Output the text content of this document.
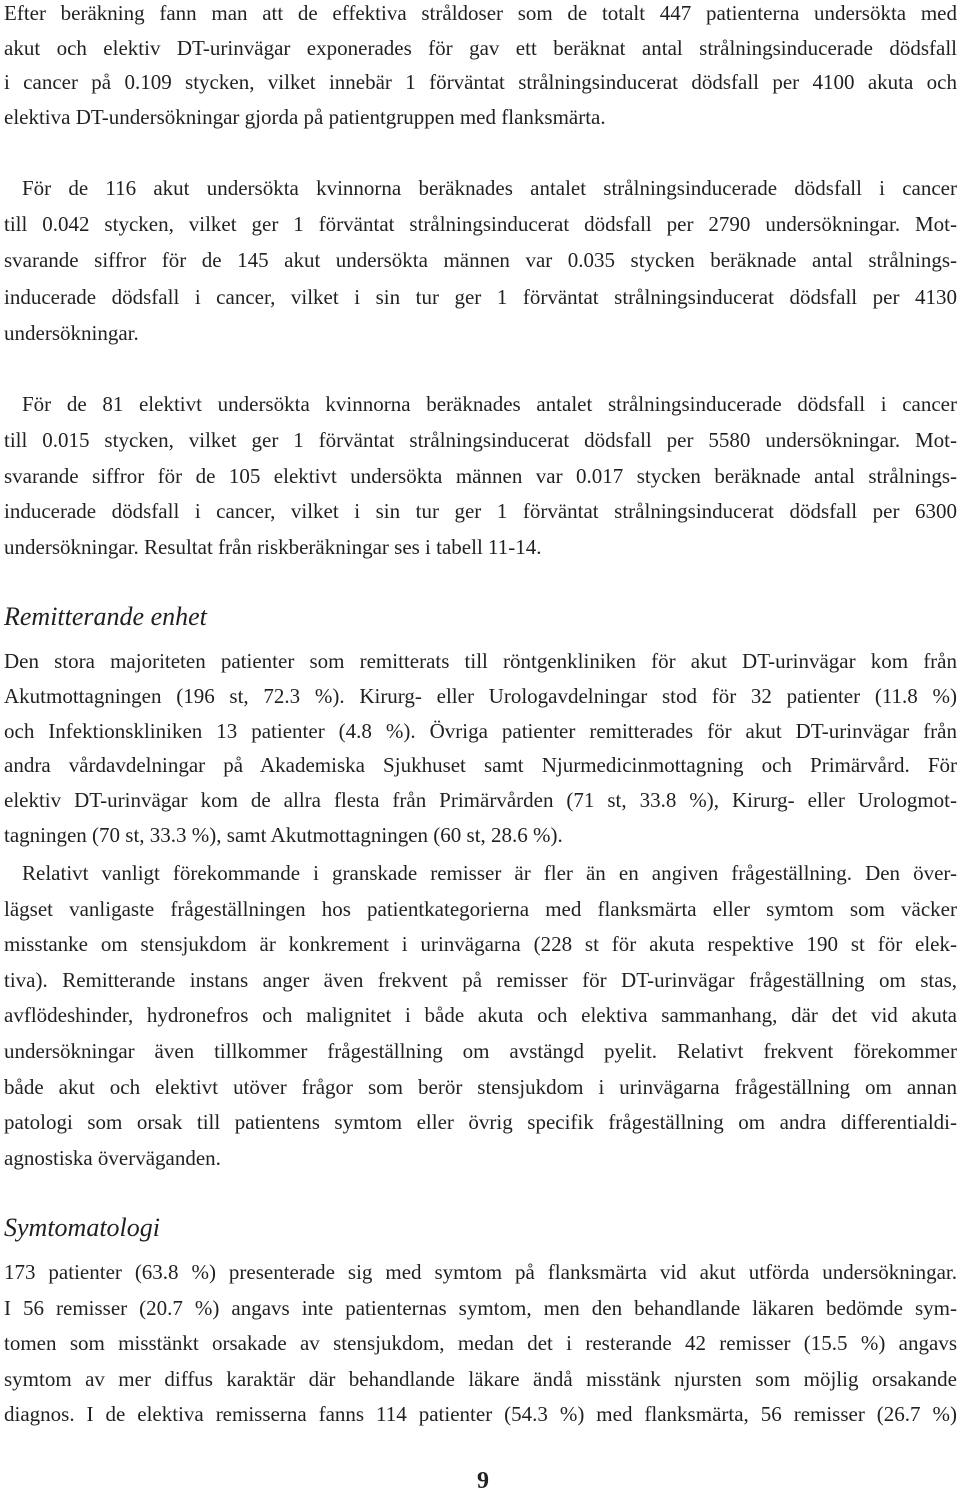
Efter beräkning fann man att de effektiva stråldoser som de totalt 447 patienterna undersökta med
akut och elektiv DT-urinvägar exponerades för gav ett beräknat antal strålningsinducerade dödsfall
i cancer på 0.109 stycken, vilket innebär 1 förväntat strålningsinducerat dödsfall per 4100 akuta och
elektiva DT-undersökningar gjorda på patientgruppen med flanksmärta.
För de 116 akut undersökta kvinnorna beräknades antalet strålningsinducerade dödsfall i cancer
till 0.042 stycken, vilket ger 1 förväntat strålningsinducerat dödsfall per 2790 undersökningar. Mot-
svarande siffror för de 145 akut undersökta männen var 0.035 stycken beräknade antal strålnings-
inducerade dödsfall i cancer, vilket i sin tur ger 1 förväntat strålningsinducerat dödsfall per 4130
undersökningar.
För de 81 elektivt undersökta kvinnorna beräknades antalet strålningsinducerade dödsfall i cancer
till 0.015 stycken, vilket ger 1 förväntat strålningsinducerat dödsfall per 5580 undersökningar. Mot-
svarande siffror för de 105 elektivt undersökta männen var 0.017 stycken beräknade antal strålnings-
inducerade dödsfall i cancer, vilket i sin tur ger 1 förväntat strålningsinducerat dödsfall per 6300
undersökningar. Resultat från riskberäkningar ses i tabell 11-14.
Remitterande enhet
Den stora majoriteten patienter som remitterats till röntgenkliniken för akut DT-urinvägar kom från
Akutmottagningen (196 st, 72.3 %). Kirurg- eller Urologavdelningar stod för 32 patienter (11.8 %)
och Infektionskliniken 13 patienter (4.8 %). Övriga patienter remitterades för akut DT-urinvägar från
andra vårdavdelningar på Akademiska Sjukhuset samt Njurmedicinmottagning och Primärvård. För
elektiv DT-urinvägar kom de allra flesta från Primärvården (71 st, 33.8 %), Kirurg- eller Urologmot-
tagningen (70 st, 33.3 %), samt Akutmottagningen (60 st, 28.6 %).
Relativt vanligt förekommande i granskade remisser är fler än en angiven frågeställning. Den över-
lägset vanligaste frågeställningen hos patientkategorierna med flanksmärta eller symtom som väcker
misstanke om stensjukdom är konkrement i urinvägarna (228 st för akuta respektive 190 st för elek-
tiva). Remitterande instans anger även frekvent på remisser för DT-urinvägar frågeställning om stas,
avflödeshinder, hydronefros och malignitet i både akuta och elektiva sammanhang, där det vid akuta
undersökningar även tillkommer frågeställning om avstängd pyelit. Relativt frekvent förekommer
både akut och elektivt utöver frågor som berör stensjukdom i urinvägarna frågeställning om annan
patologi som orsak till patientens symtom eller övrig specifik frågeställning om andra differentialdi-
agnostiska överväganden.
Symtomatologi
173 patienter (63.8 %) presenterade sig med symtom på flanksmärta vid akut utförda undersökningar.
I 56 remisser (20.7 %) angavs inte patienternas symtom, men den behandlande läkaren bedömde sym-
tomen som misstänkt orsakade av stensjukdom, medan det i resterande 42 remisser (15.5 %) angavs
symtom av mer diffus karaktär där behandlande läkare ändå misstänk njursten som möjlig orsakande
diagnos. I de elektiva remisserna fanns 114 patienter (54.3 %) med flanksmärta, 56 remisser (26.7 %)
9
